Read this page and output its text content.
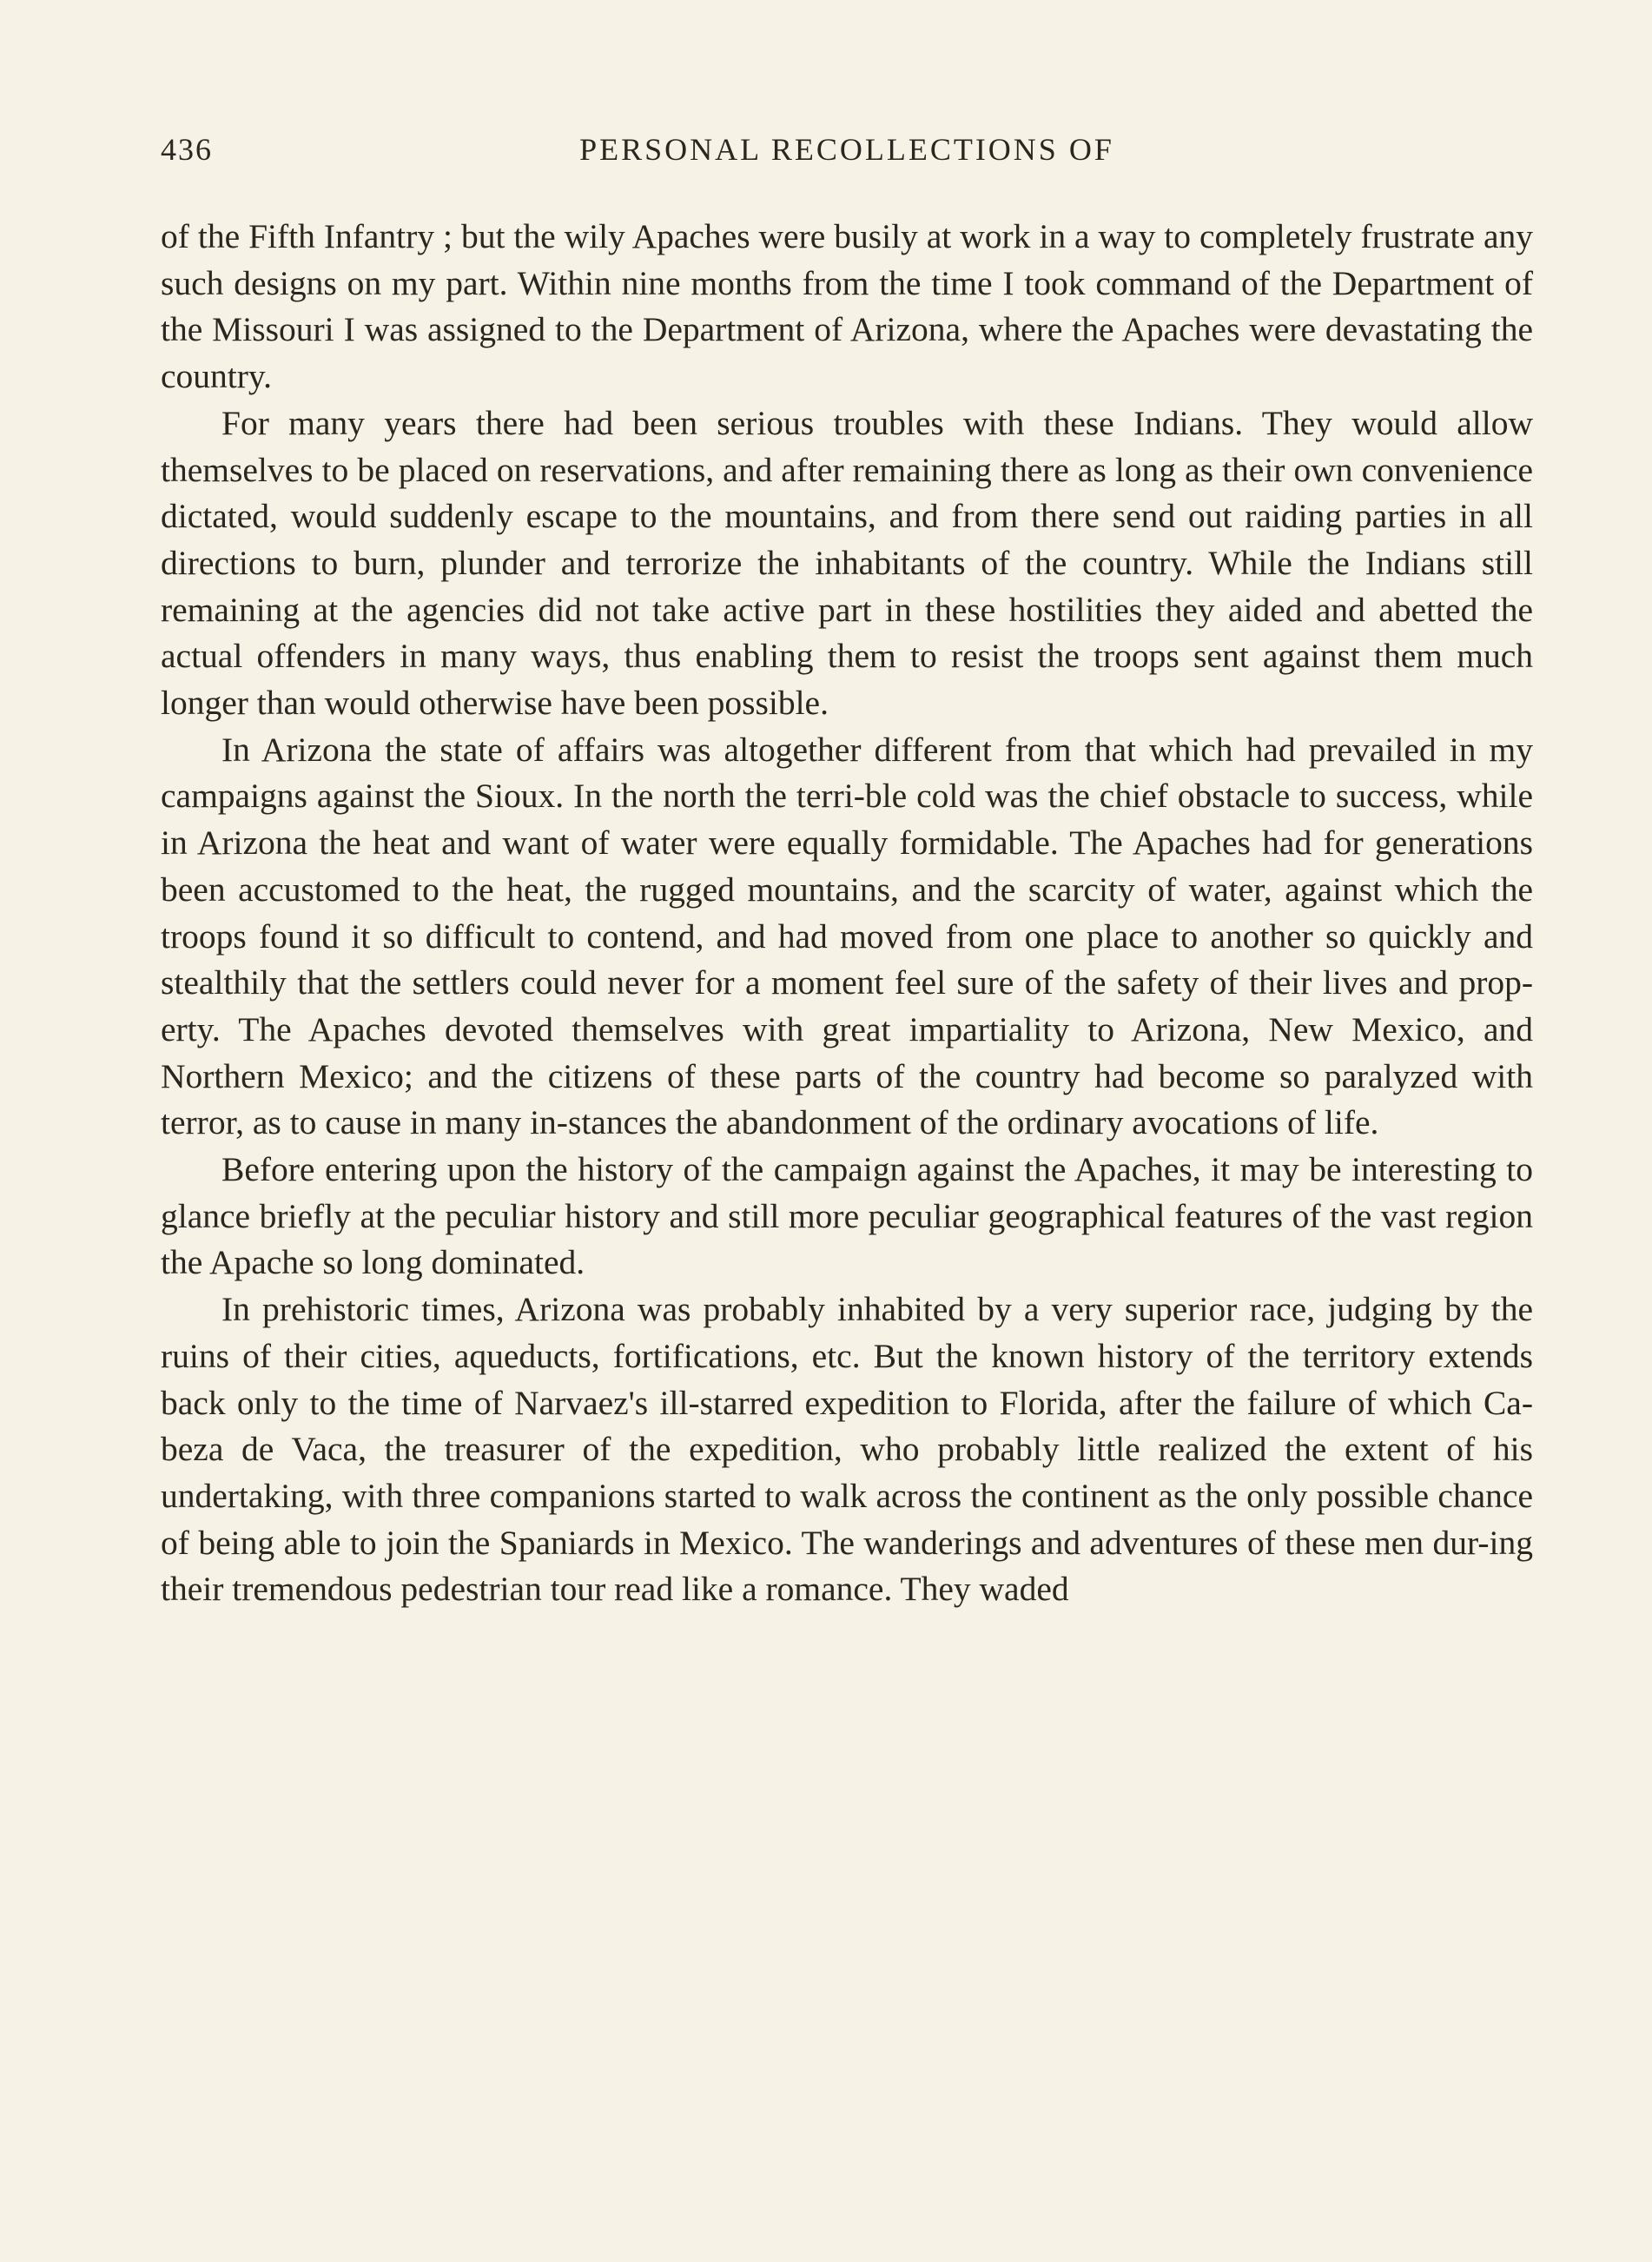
436	PERSONAL RECOLLECTIONS OF

of the Fifth Infantry ; but the wily Apaches were busily at work in a way to completely frustrate any such designs on my part. Within nine months from the time I took command of the Department of the Missouri I was assigned to the Department of Arizona, where the Apaches were devastating the country.

For many years there had been serious troubles with these Indians. They would allow themselves to be placed on reservations, and after remaining there as long as their own convenience dictated, would suddenly escape to the mountains, and from there send out raiding parties in all directions to burn, plunder and terrorize the inhabitants of the country. While the Indians still remaining at the agencies did not take active part in these hostilities they aided and abetted the actual offenders in many ways, thus enabling them to resist the troops sent against them much longer than would otherwise have been possible.

In Arizona the state of affairs was altogether different from that which had prevailed in my campaigns against the Sioux. In the north the terri-ble cold was the chief obstacle to success, while in Arizona the heat and want of water were equally formidable. The Apaches had for generations been accustomed to the heat, the rugged mountains, and the scarcity of water, against which the troops found it so difficult to contend, and had moved from one place to another so quickly and stealthily that the settlers could never for a moment feel sure of the safety of their lives and prop-erty. The Apaches devoted themselves with great impartiality to Arizona, New Mexico, and Northern Mexico; and the citizens of these parts of the country had become so paralyzed with terror, as to cause in many in-stances the abandonment of the ordinary avocations of life.

Before entering upon the history of the campaign against the Apaches, it may be interesting to glance briefly at the peculiar history and still more peculiar geographical features of the vast region the Apache so long dominated.

In prehistoric times, Arizona was probably inhabited by a very superior race, judging by the ruins of their cities, aqueducts, fortifications, etc. But the known history of the territory extends back only to the time of Narvaez's ill-starred expedition to Florida, after the failure of which Ca-beza de Vaca, the treasurer of the expedition, who probably little realized the extent of his undertaking, with three companions started to walk across the continent as the only possible chance of being able to join the Spaniards in Mexico. The wanderings and adventures of these men dur-ing their tremendous pedestrian tour read like a romance. They waded
